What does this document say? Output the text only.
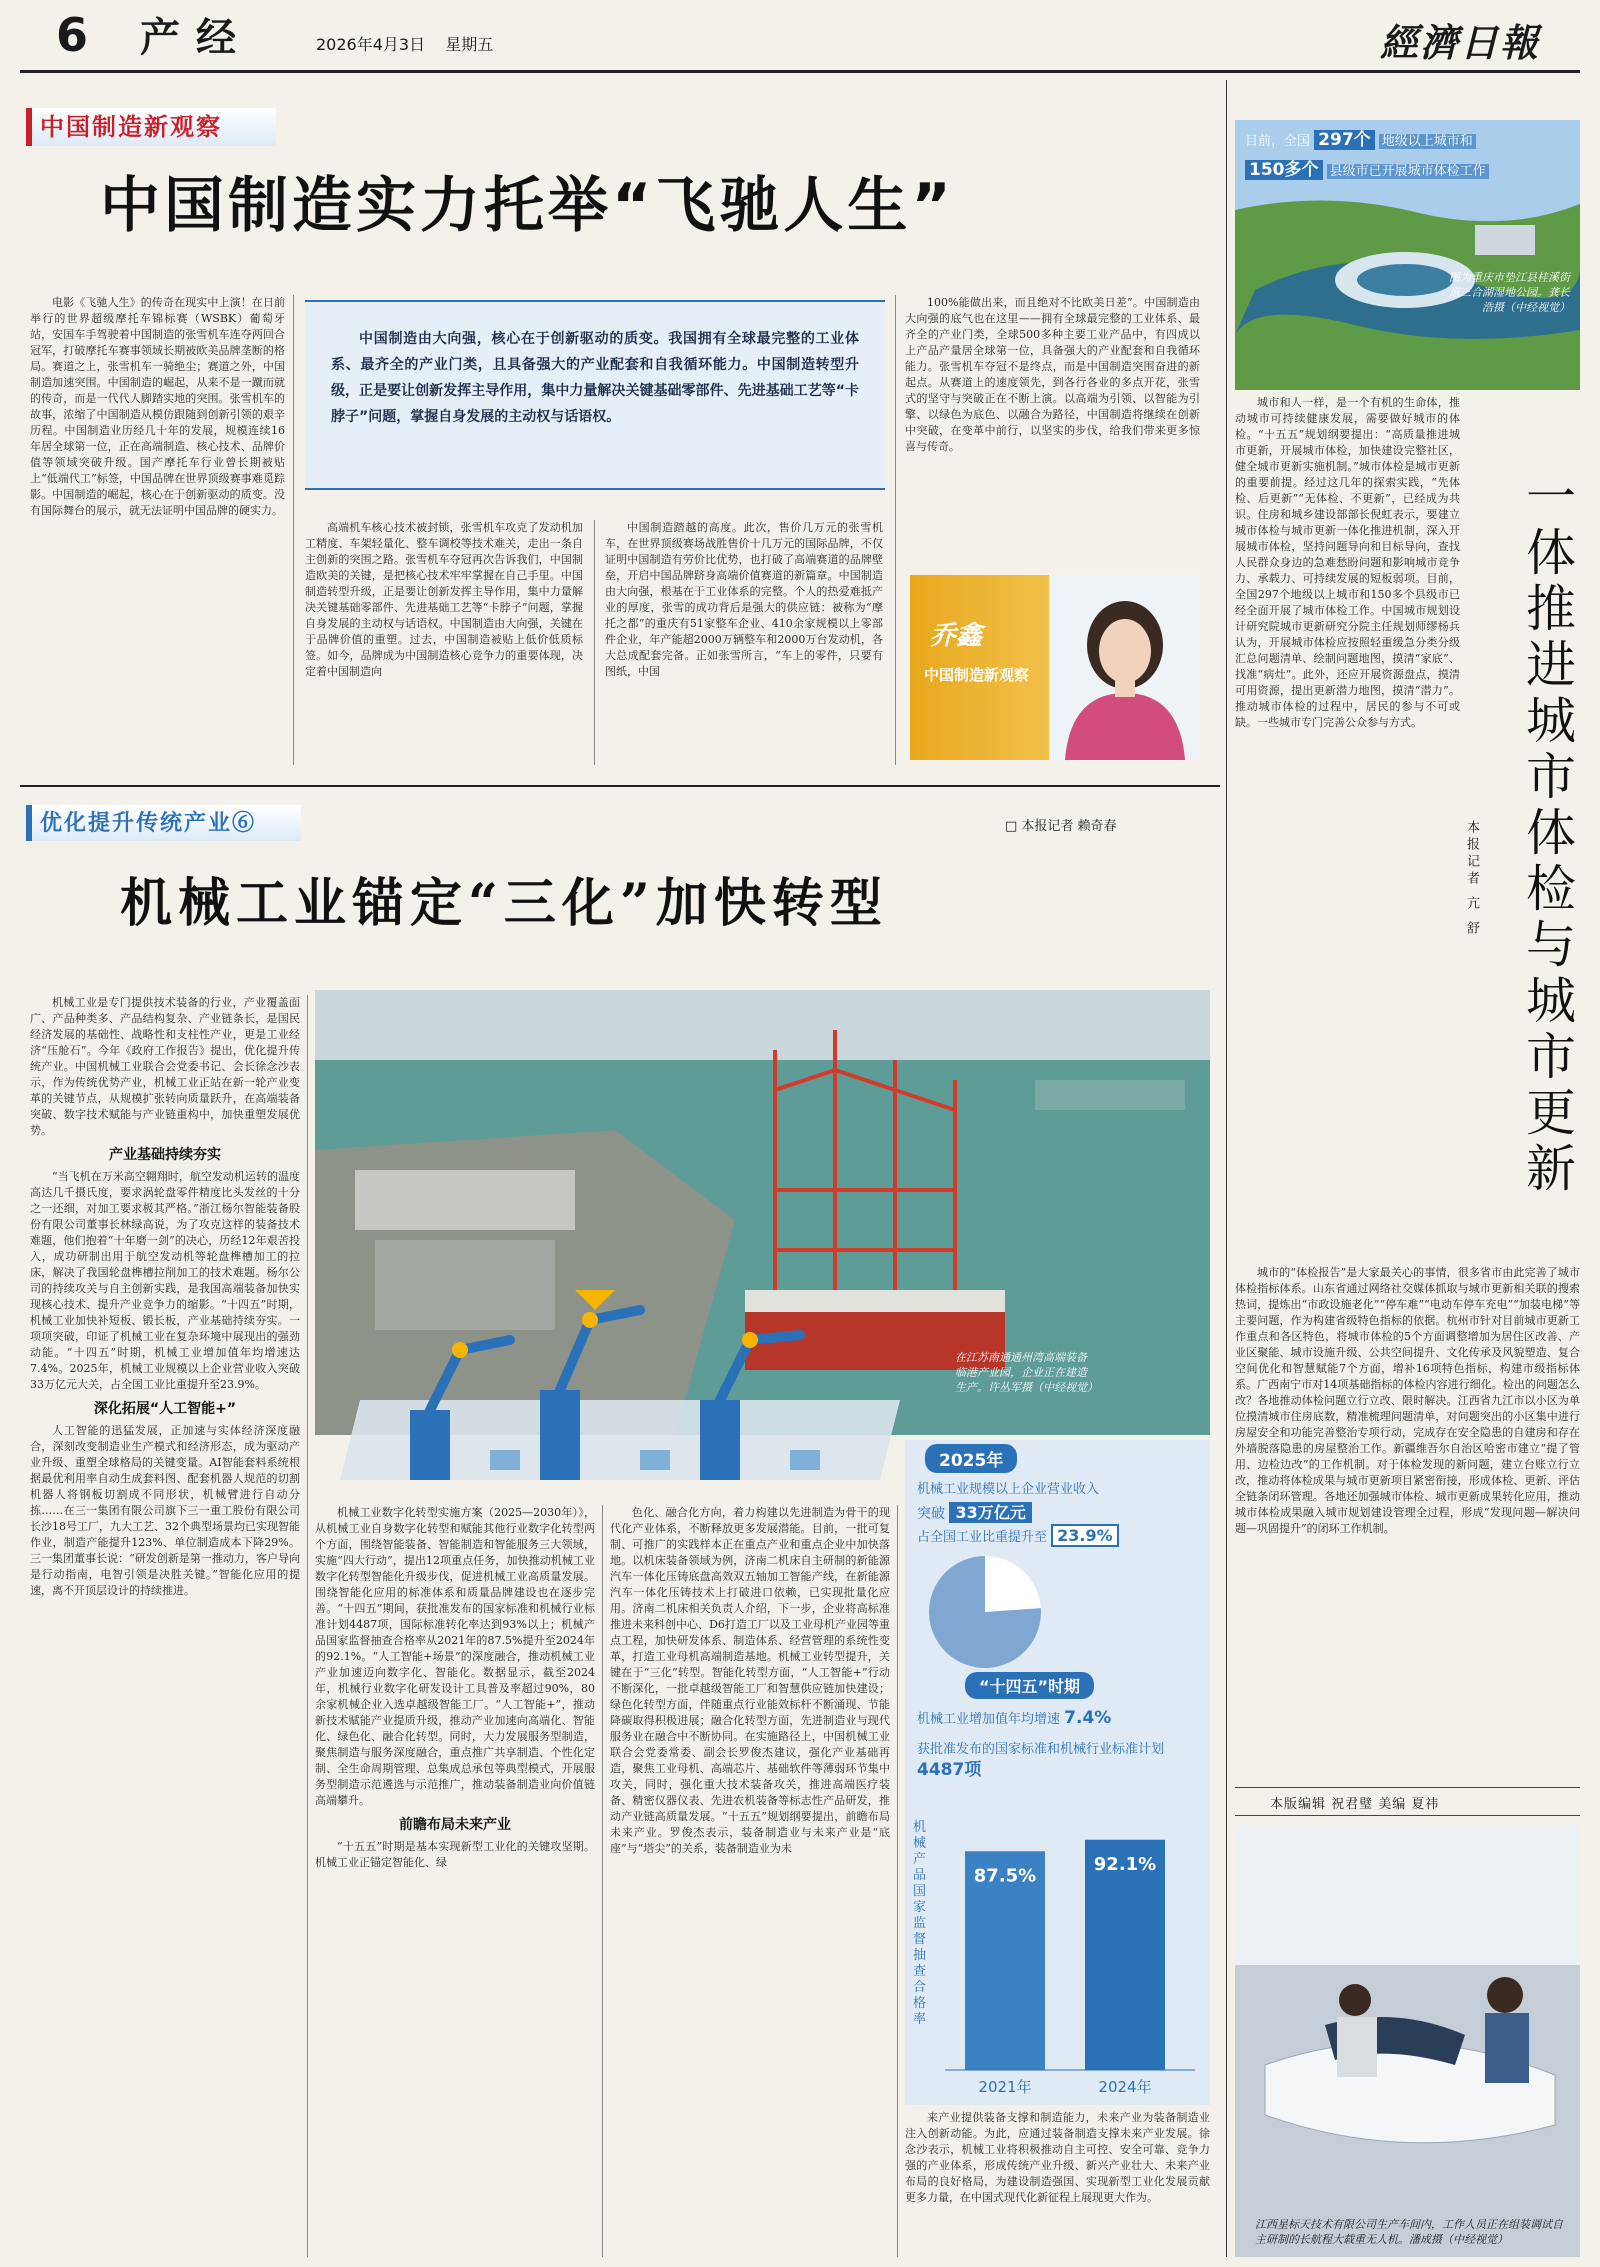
6 产经	2026年4月3日 星期五	經濟日報
中国制造新观察
中国制造实力托举“飞驰人生”

电影《飞驰人生》的传奇在现实中上演！在日前举行的世界超级摩托车锦标赛（WSBK）葡萄牙站，安国车手驾驶着中国制造的张雪机车连夺两回合冠军，打破摩托车赛事领域长期被欧美品牌垄断的格局。赛道之上，张雪机车一骑绝尘；赛道之外，中国制造加速突围。中国制造的崛起，从来不是一蹴而就的传奇，而是一代代人脚踏实地的突围。张雪机车的故事，浓缩了中国制造从模仿跟随到创新引领的艰辛历程。中国制造业历经几十年的发展，规模连续16年居全球第一位，正在高端制造、核心技术、品牌价值等领域突破升级。国产摩托车行业曾长期被贴上“低端代工”标签，中国品牌在世界顶级赛事难觅踪影。中国制造的崛起，核心在于创新驱动的质变。没有国际舞台的展示，就无法证明中国品牌的硬实力。

中国制造由大向强，核心在于创新驱动的质变。我国拥有全球最完整的工业体系、最齐全的产业门类，且具备强大的产业配套和自我循环能力。中国制造转型升级，正是要让创新发挥主导作用，集中力量解决关键基础零部件、先进基础工艺等“卡脖子”问题，掌握自身发展的主动权与话语权。

高端机车核心技术被封锁，张雪机车攻克了发动机加工精度、车架轻量化、整车调校等技术难关，走出一条自主创新的突围之路。张雪机车夺冠再次告诉我们，中国制造欧美的关键，是把核心技术牢牢掌握在自己手里。中国制造转型升级，正是要让创新发挥主导作用，集中力量解决关键基础零部件、先进基础工艺等“卡脖子”问题，掌握自身发展的主动权与话语权。中国制造由大向强，关键在于品牌价值的重塑。过去，中国制造被贴上低价低质标签。如今，品牌成为中国制造核心竞争力的重要体现，决定着中国制造向

中国制造踏越的高度。此次，售价几万元的张雪机车，在世界顶级赛场战胜售价十几万元的国际品牌，不仅证明中国制造有劳价比优势，也打破了高端赛道的品牌壁垒，开启中国品牌跻身高端价值赛道的新篇章。中国制造由大向强，根基在于工业体系的完整。个人的热爱难抵产业的厚度，张雪的成功背后是强大的供应链：被称为“摩托之都”的重庆有51家整车企业、410余家规模以上零部件企业，年产能超2000万辆整车和2000万台发动机，各大总成配套完备。正如张雪所言，“车上的零件，只要有图纸，中国

100%能做出来，而且绝对不比欧美日差”。中国制造由大向强的底气也在这里——拥有全球最完整的工业体系、最齐全的产业门类，全球500多种主要工业产品中，有四成以上产品产量居全球第一位，具备强大的产业配套和自我循环能力。张雪机车夺冠不是终点，而是中国制造突围奋进的新起点。从赛道上的速度领先，到各行各业的多点开花，张雪式的坚守与突破正在不断上演。以高端为引领、以智能为引擎、以绿色为底色、以融合为路径，中国制造将继续在创新中突破，在变革中前行，以坚实的步伐，给我们带来更多惊喜与传奇。

乔鑫
中国制造新观察
优化提升传统产业⑥	□ 本报记者 赖奇春
机械工业锚定“三化”加快转型

机械工业是专门提供技术装备的行业，产业覆盖面广、产品种类多、产品结构复杂、产业链条长，是国民经济发展的基础性、战略性和支柱性产业，更是工业经济“压舱石”。今年《政府工作报告》提出，优化提升传统产业。中国机械工业联合会党委书记、会长徐念沙表示，作为传统优势产业，机械工业正站在新一轮产业变革的关键节点，从规模扩张转向质量跃升，在高端装备突破、数字技术赋能与产业链重构中，加快重塑发展优势。

产业基础持续夯实

“当飞机在万米高空翱翔时，航空发动机运转的温度高达几千摄氏度，要求涡轮盘零件精度比头发丝的十分之一还细，对加工要求极其严格。”浙江杨尔智能装备股份有限公司董事长林绿高说，为了攻克这样的装备技术难题，他们抱着“十年磨一剑”的决心，历经12年艰苦投入，成功研制出用于航空发动机等轮盘榫槽加工的拉床，解决了我国轮盘榫槽拉削加工的技术难题。杨尔公司的持续攻关与自主创新实践，是我国高端装备加快实现核心技术、提升产业竞争力的缩影。“十四五”时期，机械工业加快补短板、锻长板，产业基础持续夯实。一项项突破，印证了机械工业在复杂环境中展现出的强劲动能。“十四五”时期，机械工业增加值年均增速达7.4%。2025年，机械工业规模以上企业营业收入突破33万亿元大关，占全国工业比重提升至23.9%。

深化拓展“人工智能+”

人工智能的迅猛发展，正加速与实体经济深度融合，深刻改变制造业生产模式和经济形态，成为驱动产业升级、重塑全球格局的关键变量。AI智能套料系统根据最优利用率自动生成套料图、配套机器人规范的切割机器人将钢板切割成不同形状，机械臂进行自动分拣……在三一集团有限公司旗下三一重工股份有限公司长沙18号工厂，九大工艺、32个典型场景均已实现智能作业，制造产能提升123%、单位制造成本下降29%。三一集团董事长说：“研发创新是第一推动力，客户导向是行动指南，电智引领是决胜关键。”智能化应用的提速，离不开顶层设计的持续推进。

在江苏南通通州湾高端装备临港产业园，企业正在建造生产。许丛军摄（中经视觉）

机械工业数字化转型实施方案（2025—2030年）》，从机械工业自身数字化转型和赋能其他行业数字化转型两个方面，围绕智能装备、智能制造和智能服务三大领域，实施“四大行动”，提出12项重点任务，加快推动机械工业数字化转型智能化升级步伐，促进机械工业高质量发展。围绕智能化应用的标准体系和质量品牌建设也在逐步完善。“十四五”期间，获批准发布的国家标准和机械行业标准计划4487项，国际标准转化率达到93%以上；机械产品国家监督抽查合格率从2021年的87.5%提升至2024年的92.1%。“人工智能+场景”的深度融合，推动机械工业产业加速迈向数字化、智能化。数据显示，截至2024年，机械行业数字化研发设计工具普及率超过90%，80余家机械企业入选卓越级智能工厂。“人工智能+”，推动新技术赋能产业提质升级，推动产业加速向高端化、智能化、绿色化、融合化转型。同时，大力发展服务型制造，聚焦制造与服务深度融合，重点推广共享制造、个性化定制、全生命周期管理、总集成总承包等典型模式，开展服务型制造示范遴选与示范推广，推动装备制造业向价值链高端攀升。

前瞻布局未来产业

“十五五”时期是基本实现新型工业化的关键攻坚期。机械工业正锚定智能化、绿

色化、融合化方向，着力构建以先进制造为骨干的现代化产业体系，不断释放更多发展潜能。目前，一批可复制、可推广的实践样本正在重点产业和重点企业中加快落地。以机床装备领域为例，济南二机床自主研制的新能源汽车一体化压铸底盘高效双五轴加工智能产线，在新能源汽车一体化压铸技术上打破进口依赖，已实现批量化应用。济南二机床相关负责人介绍，下一步，企业将高标准推进未来科创中心、D6打造工厂以及工业母机产业园等重点工程，加快研发体系、制造体系、经营管理的系统性变革，打造工业母机高端制造基地。机械工业转型提升，关键在于“三化”转型。智能化转型方面，“人工智能+”行动不断深化，一批卓越级智能工厂和智慧供应链加快建设；绿色化转型方面，伴随重点行业能效标杆不断涌现、节能降碳取得积极进展；融合化转型方面，先进制造业与现代服务业在融合中不断协同。在实施路径上，中国机械工业联合会党委常委、副会长罗俊杰建议，强化产业基础再造，聚焦工业母机、高端芯片、基础软件等薄弱环节集中攻关，同时，强化重大技术装备攻关，推进高端医疗装备、精密仪器仪表、先进农机装备等标志性产品研发，推动产业链高质量发展。“十五五”规划纲要提出，前瞻布局未来产业。罗俊杰表示，装备制造业与未来产业是“底座”与“塔尖”的关系，装备制造业为未

2025年
机械工业规模以上企业营业收入
突破 33万亿元
占全国工业比重提升至 23.9%
“十四五”时期
机械工业增加值年均增速 7.4%
获批准发布的国家标准和机械行业标准计划 4487项
机械产品国家监督抽查合格率
87.5%
2021年
92.1%
2024年

来产业提供装备支撑和制造能力，未来产业为装备制造业注入创新动能。为此，应通过装备制造支撑未来产业发展。徐念沙表示，机械工业将积极推动自主可控、安全可靠、竞争力强的产业体系，形成传统产业升级、新兴产业壮大、未来产业布局的良好格局，为建设制造强国、实现新型工业化发展贡献更多力量，在中国式现代化新征程上展现更大作为。

目前，全国 297个 地级以上城市和
150多个 县级市已开展城市体检工作
图为重庆市垫江县桂溪街道三合湖湿地公园。龚长浩摄（中经视觉）
一体推进城市体检与城市更新
本报记者 亢 舒

城市和人一样，是一个有机的生命体，推动城市可持续健康发展，需要做好城市的体检。“十五五”规划纲要提出：“高质量推进城市更新，开展城市体检，加快建设完整社区，健全城市更新实施机制。”城市体检是城市更新的重要前提。经过这几年的探索实践，“先体检、后更新”“无体检、不更新”，已经成为共识。住房和城乡建设部部长倪虹表示，要建立城市体检与城市更新一体化推进机制，深入开展城市体检，坚持问题导向和目标导向，查找人民群众身边的急难愁盼问题和影响城市竞争力、承载力、可持续发展的短板弱项。目前，全国297个地级以上城市和150多个县级市已经全面开展了城市体检工作。中国城市规划设计研究院城市更新研究分院主任规划师缪杨兵认为，开展城市体检应按照轻重缓急分类分级汇总问题清单、绘制问题地图，摸清“家底”、找准“病灶”。此外，还应开展资源盘点，摸清可用资源，提出更新潜力地图，摸清“潜力”。推动城市体检的过程中，居民的参与不可或缺。一些城市专门完善公众参与方式。

城市的“体检报告”是大家最关心的事情，很多省市由此完善了城市体检指标体系。山东省通过网络社交媒体抓取与城市更新相关联的搜索热词，提炼出“市政设施老化”“停车难”“电动车停车充电”“加装电梯”等主要问题，作为构建省级特色指标的依据。杭州市针对目前城市更新工作重点和各区特色，将城市体检的5个方面调整增加为居住区改善、产业区聚能、城市设施升级、公共空间提升、文化传承及风貌塑造、复合空间优化和智慧赋能7个方面，增补16项特色指标，构建市级指标体系。广西南宁市对14项基础指标的体检内容进行细化。检出的问题怎么改？各地推动体检问题立行立改、限时解决。江西省九江市以小区为单位摸清城市住房底数，精准梳理问题清单，对问题突出的小区集中进行房屋安全和功能完善整治专项行动，完成存在安全隐患的自建房和存在外墙脱落隐患的房屋整治工作。新疆维吾尔自治区哈密市建立“提了管用、边检边改”的工作机制。对于体检发现的新问题，建立台账立行立改，推动将体检成果与城市更新项目紧密衔接，形成体检、更新、评估全链条闭环管理。各地还加强城市体检、城市更新成果转化应用，推动城市体检成果融入城市规划建设管理全过程，形成“发现问题—解决问题—巩固提升”的闭环工作机制。

本版编辑 祝君璧 美编 夏祎
江西星标天技术有限公司生产车间内，工作人员正在组装调试自主研制的长航程大载重无人机。潘成摄（中经视觉）
